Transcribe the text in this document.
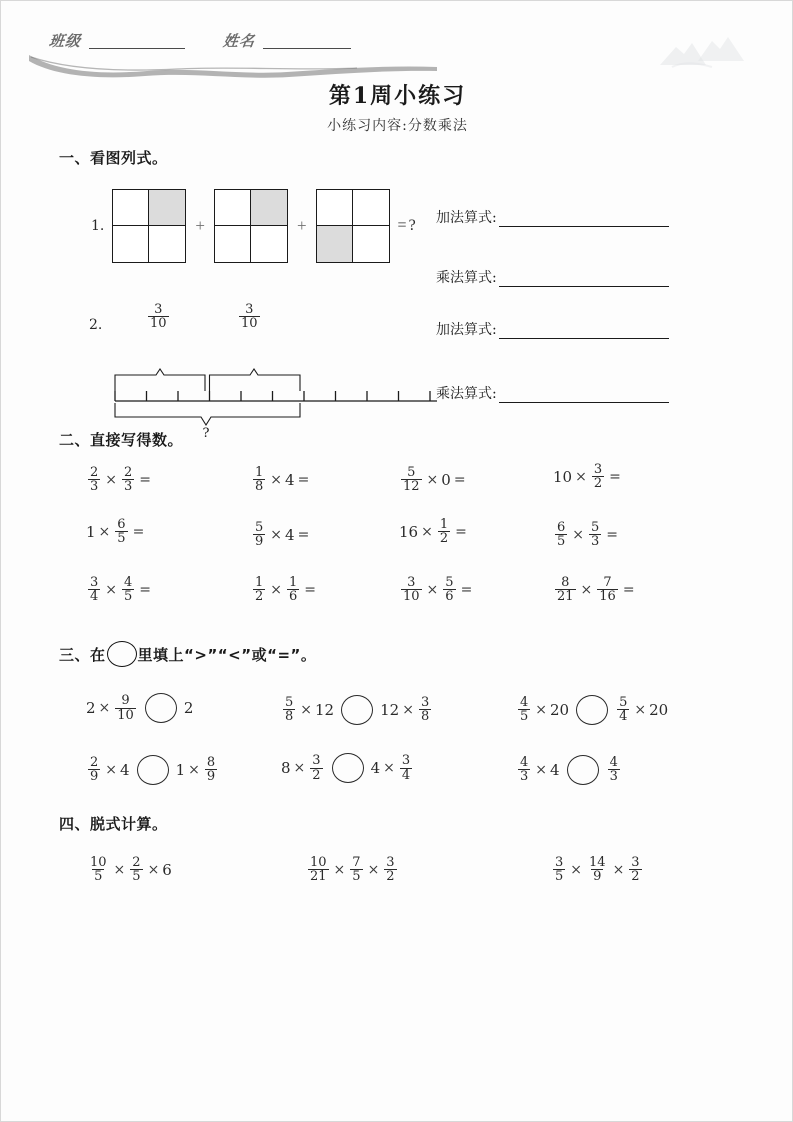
班级	姓名
第1周小练习
小练习内容:分数乘法
一、看图列式。
1.	+	+	= ? 加法算式:
乘法算式:
2.	$\frac{3}{10}$	$\frac{3}{10}$
?
加法算式:
乘法算式:
二、直接写得数。
$\frac{2}{3} \times \frac{2}{3}$ =	$\frac{1}{8} \times 4$ =	$\frac{5}{12} \times 0$ =	$10 \times \frac{3}{2}$ =
$1 \times \frac{6}{5}$ =	$\frac{5}{9} \times 4$ =	$16 \times \frac{1}{2}$ =	$\frac{6}{5} \times \frac{5}{3}$ =
$\frac{3}{4} \times \frac{4}{5}$ =	$\frac{1}{2} \times \frac{1}{6}$ =	$\frac{3}{10} \times \frac{5}{6}$ =	$\frac{8}{21} \times \frac{7}{16}$ =
三、在 里填上“>”“<”或“=”。
$2 \times \frac{9}{10}$	2	$\frac{5}{8} \times 12$	$12 \times \frac{3}{8}$	$\frac{4}{5} \times 20$	$\frac{5}{4} \times 20$
$\frac{2}{9} \times 4$	$1 \times \frac{8}{9}$	$8 \times \frac{3}{2}$	$4 \times \frac{3}{4}$	$\frac{4}{3} \times 4$	$\frac{4}{3}$
四、脱式计算。
$\frac{10}{5} \times \frac{2}{5} \times 6$	$\frac{10}{21} \times \frac{7}{5} \times \frac{3}{2}$	$\frac{3}{5} \times \frac{14}{9} \times \frac{3}{2}$
